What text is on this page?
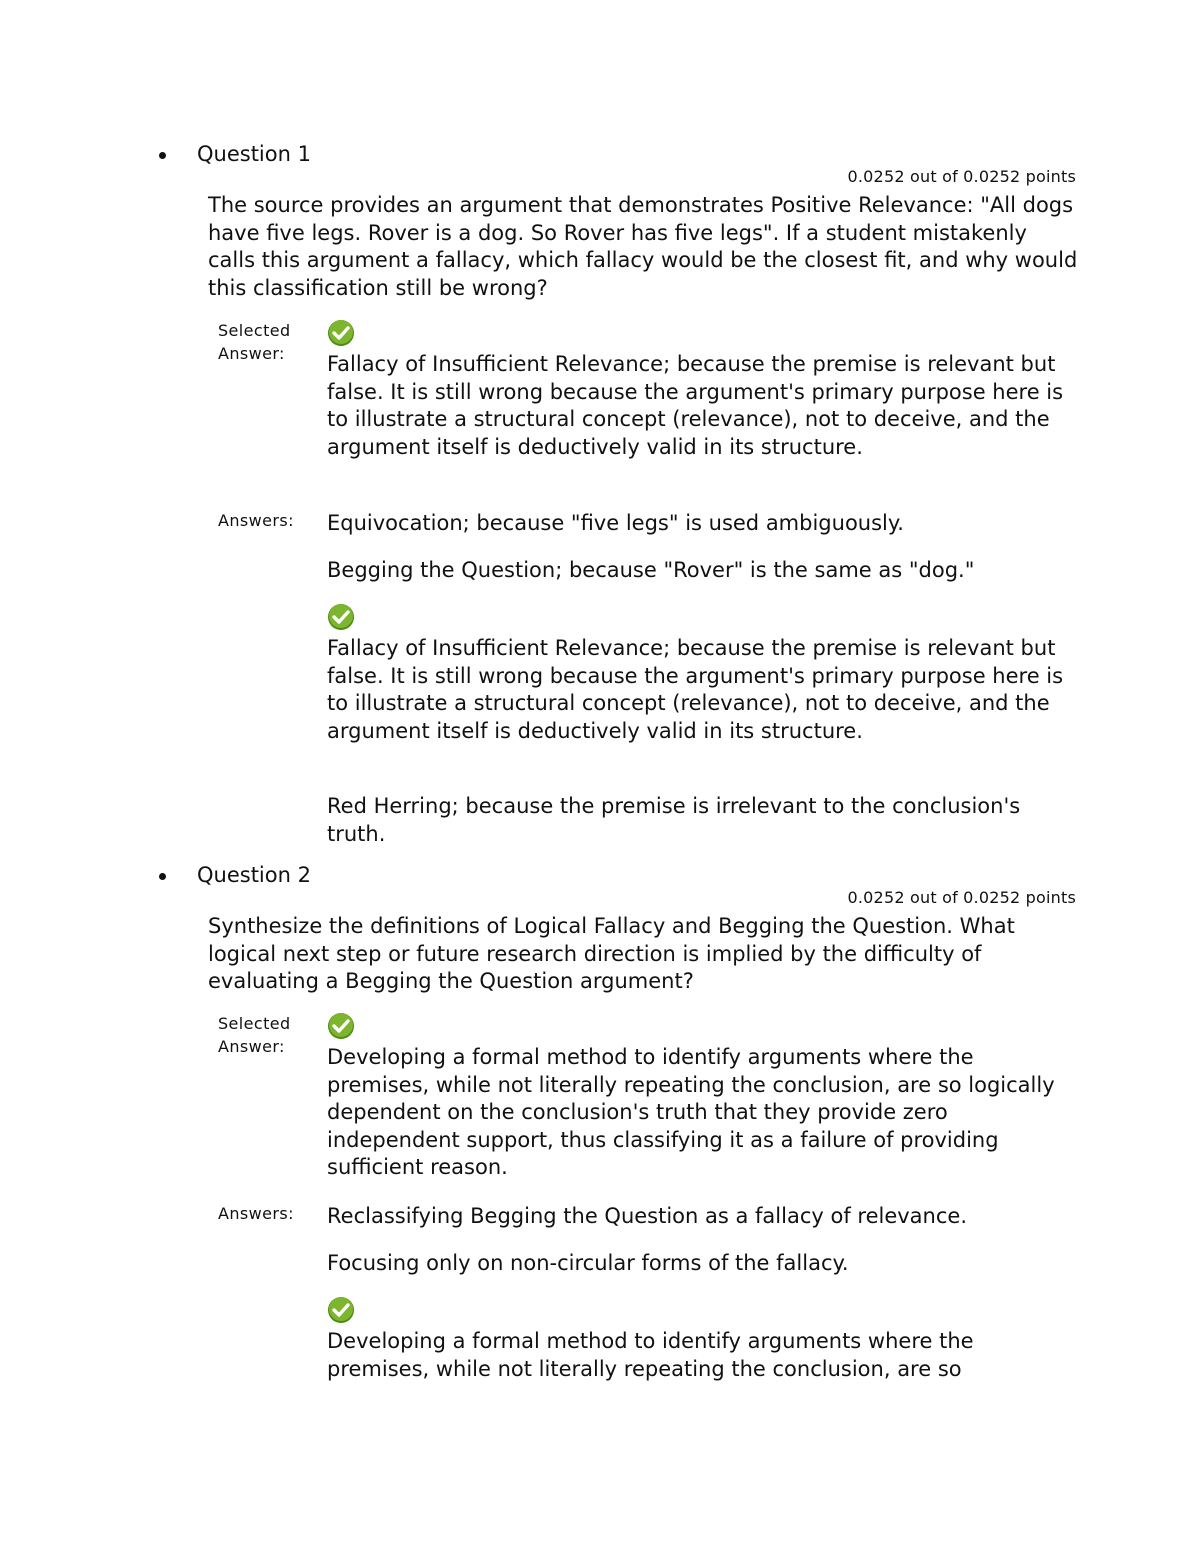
Question 1
0.0252 out of 0.0252 points
The source provides an argument that demonstrates Positive Relevance: "All dogs have five legs. Rover is a dog. So Rover has five legs". If a student mistakenly calls this argument a fallacy, which fallacy would be the closest fit, and why would this classification still be wrong?
Selected Answer:	Fallacy of Insufficient Relevance; because the premise is relevant but false. It is still wrong because the argument's primary purpose here is to illustrate a structural concept (relevance), not to deceive, and the argument itself is deductively valid in its structure.
Answers:	Equivocation; because "five legs" is used ambiguously.
Begging the Question; because "Rover" is the same as "dog."
Fallacy of Insufficient Relevance; because the premise is relevant but false. It is still wrong because the argument's primary purpose here is to illustrate a structural concept (relevance), not to deceive, and the argument itself is deductively valid in its structure.
Red Herring; because the premise is irrelevant to the conclusion's truth.
Question 2
0.0252 out of 0.0252 points
Synthesize the definitions of Logical Fallacy and Begging the Question. What logical next step or future research direction is implied by the difficulty of evaluating a Begging the Question argument?
Selected Answer:	Developing a formal method to identify arguments where the premises, while not literally repeating the conclusion, are so logically dependent on the conclusion's truth that they provide zero independent support, thus classifying it as a failure of providing sufficient reason.
Answers:	Reclassifying Begging the Question as a fallacy of relevance.
Focusing only on non-circular forms of the fallacy.
Developing a formal method to identify arguments where the premises, while not literally repeating the conclusion, are so
